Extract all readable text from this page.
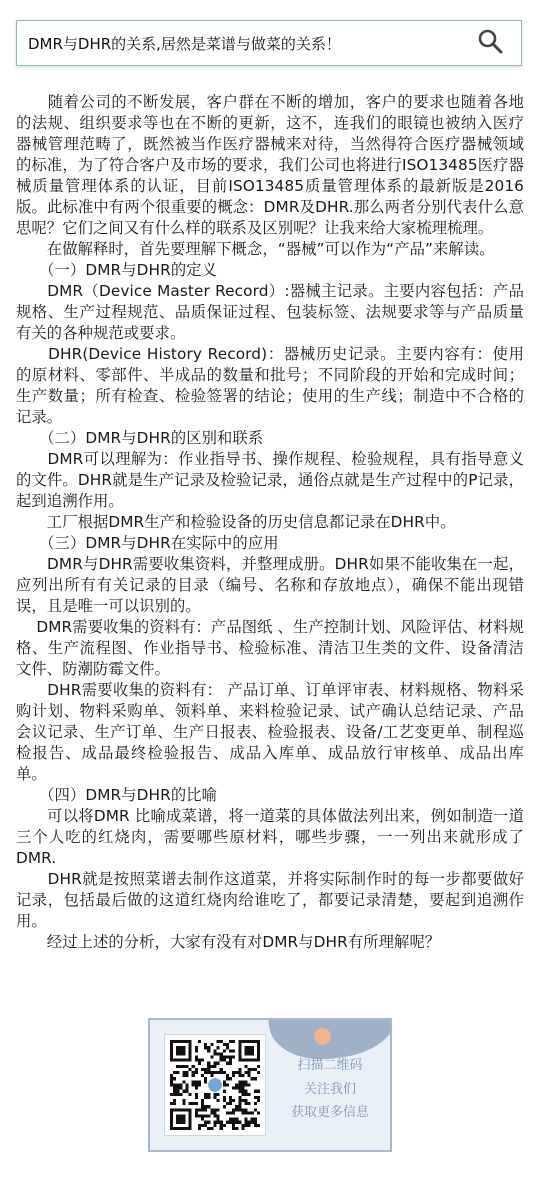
DMR与DHR的关系,居然是菜谱与做菜的关系！

　　随着公司的不断发展，客户群在不断的增加，客户的要求也随着各地的法规、组织要求等也在不断的更新，这不，连我们的眼镜也被纳入医疗器械管理范畴了，既然被当作医疗器械来对待，当然得符合医疗器械领域的标准，为了符合客户及市场的要求，我们公司也将进行ISO13485医疗器械质量管理体系的认证，目前ISO13485质量管理体系的最新版是2016版。此标准中有两个很重要的概念：DMR及DHR.那么两者分别代表什么意思呢？它们之间又有什么样的联系及区别呢？让我来给大家梳理梳理。

　　在做解释时，首先要理解下概念，“器械”可以作为“产品”来解读。

　　（一）DMR与DHR的定义

　　DMR（Device Master Record）:器械主记录。主要内容包括：产品规格、生产过程规范、品质保证过程、包装标签、法规要求等与产品质量有关的各种规范或要求。

　　DHR(Device History Record)：器械历史记录。主要内容有：使用的原材料、零部件、半成品的数量和批号；不同阶段的开始和完成时间；生产数量；所有检查、检验签署的结论；使用的生产线；制造中不合格的记录。

　　（二）DMR与DHR的区别和联系

　　DMR可以理解为：作业指导书、操作规程、检验规程，具有指导意义的文件。DHR就是生产记录及检验记录，通俗点就是生产过程中的P记录，起到追溯作用。

　　工厂根据DMR生产和检验设备的历史信息都记录在DHR中。

　　（三）DMR与DHR在实际中的应用

　　DMR与DHR需要收集资料，并整理成册。DHR如果不能收集在一起，应列出所有有关记录的目录（编号、名称和存放地点），确保不能出现错误，且是唯一可以识别的。

　 DMR需要收集的资料有：产品图纸 、生产控制计划、风险评估、材料规格、生产流程图、作业指导书、检验标准、清洁卫生类的文件、设备清洁文件、防潮防霉文件。

　　DHR需要收集的资料有： 产品订单、订单评审表、材料规格、物料采购计划、物料采购单、领料单、来料检验记录、试产确认总结记录、产品会议记录、生产订单、生产日报表、检验报表、设备/工艺变更单、制程巡检报告、成品最终检验报告、成品入库单、成品放行审核单、成品出库单。

　　（四）DMR与DHR的比喻

　　可以将DMR 比喻成菜谱，将一道菜的具体做法列出来，例如制造一道三个人吃的红烧肉，需要哪些原材料，哪些步骤，一一列出来就形成了DMR.

　　DHR就是按照菜谱去制作这道菜，并将实际制作时的每一步都要做好记录，包括最后做的这道红烧肉给谁吃了，都要记录清楚，要起到追溯作用。

　　经过上述的分析，大家有没有对DMR与DHR有所理解呢？

扫描二维码
关注我们
获取更多信息
